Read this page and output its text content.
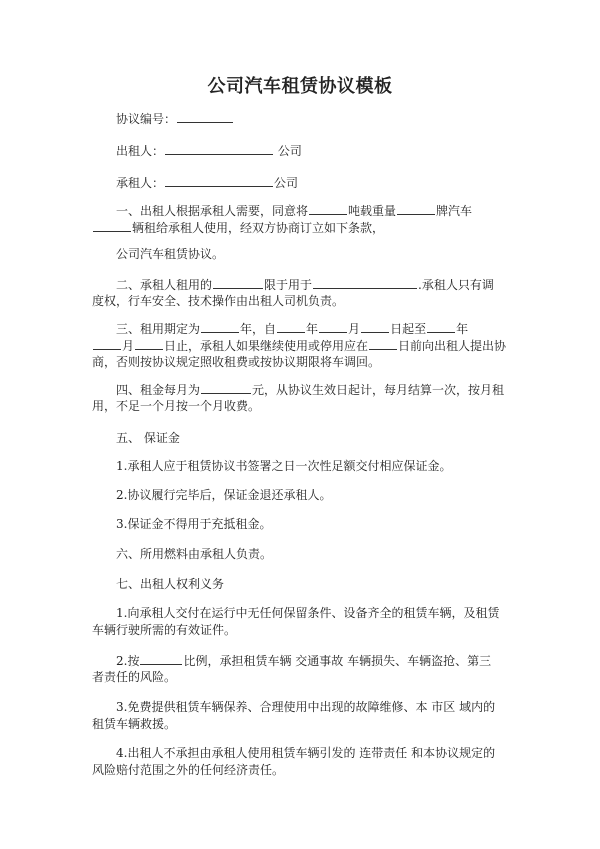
公司汽车租赁协议模板
协议编号：
出租人：	公司
承租人：	公司
一、出租人根据承租人需要，同意将	吨载重量	牌汽车
辆租给承租人使用，经双方协商订立如下条款，
公司汽车租赁协议。
二、承租人租用的	限于用于	.承租人只有调
度权，行车安全、技术操作由出租人司机负责。
三、租用期定为	年，自	年	月	日起至	年
月	日止，承租人如果继续使用或停用应在	日前向出租人提出协
商，否则按协议规定照收租费或按协议期限将车调回。
四、租金每月为	元，从协议生效日起计，每月结算一次，按月租
用，不足一个月按一个月收费。
五、 保证金
1.承租人应于租赁协议书签署之日一次性足额交付相应保证金。
2.协议履行完毕后，保证金退还承租人。
3.保证金不得用于充抵租金。
六、所用燃料由承租人负责。
七、出租人权利义务
1.向承租人交付在运行中无任何保留条件、设备齐全的租赁车辆，及租赁
车辆行驶所需的有效证件。
2.按	比例，承担租赁车辆 交通事故 车辆损失、车辆盗抢、第三
者责任的风险。
3.免费提供租赁车辆保养、合理使用中出现的故障维修、本 市区 域内的
租赁车辆救援。
4.出租人不承担由承租人使用租赁车辆引发的 连带责任 和本协议规定的
风险赔付范围之外的任何经济责任。
